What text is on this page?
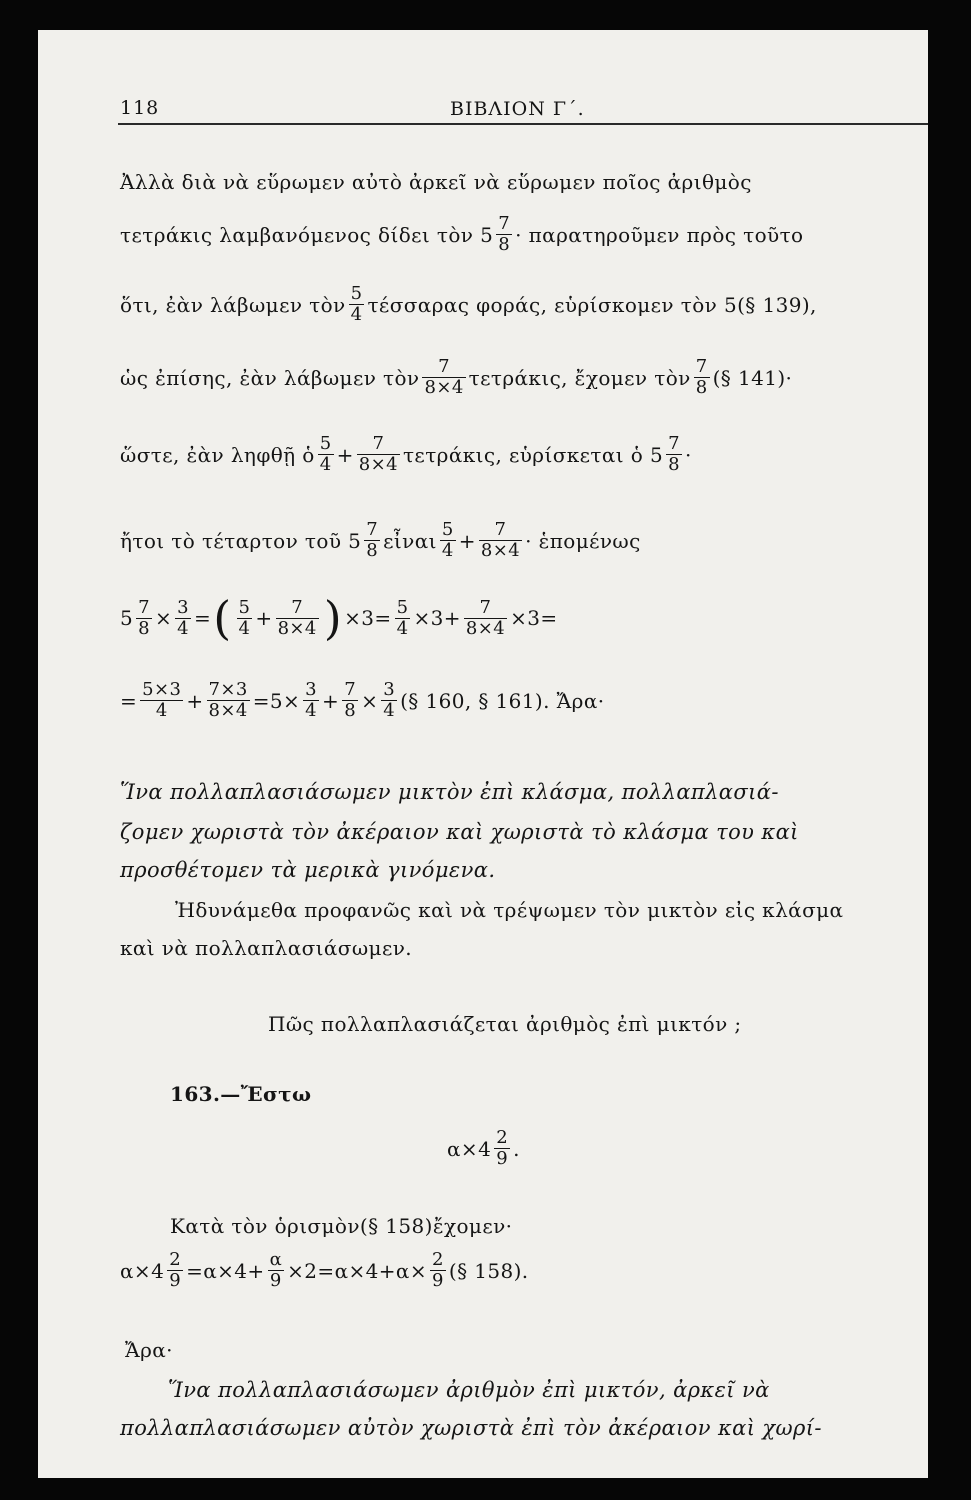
118	ΒΙΒΛΙΟΝ Γ΄.
Ἀλλὰ διὰ νὰ εὕρωμεν αὐτὸ ἀρκεῖ νὰ εὕρωμεν ποῖος ἀριθμὸς
τετράκις λαμβανόμενος δίδει τὸν $5 \frac{7}{8}$ · παρατηροῦμεν πρὸς τοῦτο
ὅτι, ἐὰν λάβωμεν τὸν $\frac{5}{4}$ τέσσαρας φοράς, εὑρίσκομεν τὸν 5(§ 139),
ὡς ἐπίσης, ἐὰν λάβωμεν τὸν $\frac{7}{8\times 4} \tau\varepsilon\tau\rho ά\kappa\iota\varsigma$, ἔχομεν τὸν $\frac{7}{8}$ (§ 141)·
ὥστε, ἐὰν ληφθῇ ὁ $\frac{5}{4} + \frac{7}{8\times 4} \tau\varepsilon\tau\rho ά\kappa\iota\varsigma$, εὑρίσκεται ὁ $5 \frac{7}{8}$ ·
ἤτοι τὸ τέταρτον τοῦ $5 \frac{7}{8}$ εἶναι $\frac{5}{4} + \frac{7}{8\times 4}$ · ἑπομένως
$5 \frac{7}{8} \times \frac{3}{4}$ =( $\frac{5}{4} + \frac{7}{8\times 4}$ ) $\times 3= \frac{5}{4} \times 3+ \frac{7}{8\times 4} \times 3=$
= $\frac{5\times 3}{4} + \frac{7\times 3}{8\times 4} =5\times \frac{3}{4} + \frac{7}{8} \times \frac{3}{4}$ (§ 160, § 161). Ἄρα·
Ἵνα πολλαπλασιάσωμεν μικτὸν ἐπὶ κλάσμα, πολλαπλασιά-
ζομεν χωριστὰ τὸν ἀκέραιον καὶ χωριστὰ τὸ κλάσμα του καὶ
προσθέτομεν τὰ μερικὰ γινόμενα.
Ἠδυνάμεθα προφανῶς καὶ νὰ τρέψωμεν τὸν μικτὸν εἰς κλάσμα
καὶ νὰ πολλαπλασιάσωμεν.
Πῶς πολλαπλασιάζεται ἀριθμὸς ἐπὶ μικτόν ;
163.—Ἔστω
$\alpha\times 4 \frac{2}{9}$ .
Κατὰ τὸν ὁρισμὸν(§ 158)ἔχομεν·
$\alpha\times 4 \frac{2}{9} =\alpha\times 4+ \frac{\alpha}{9} \times 2=\alpha\times 4+\alpha\times \frac{2}{9}$ (§ 158).
Ἄρα·
Ἵνα πολλαπλασιάσωμεν ἀριθμὸν ἐπὶ μικτόν, ἀρκεῖ νὰ
πολλαπλασιάσωμεν αὐτὸν χωριστὰ ἐπὶ τὸν ἀκέραιον καὶ χωρί-
